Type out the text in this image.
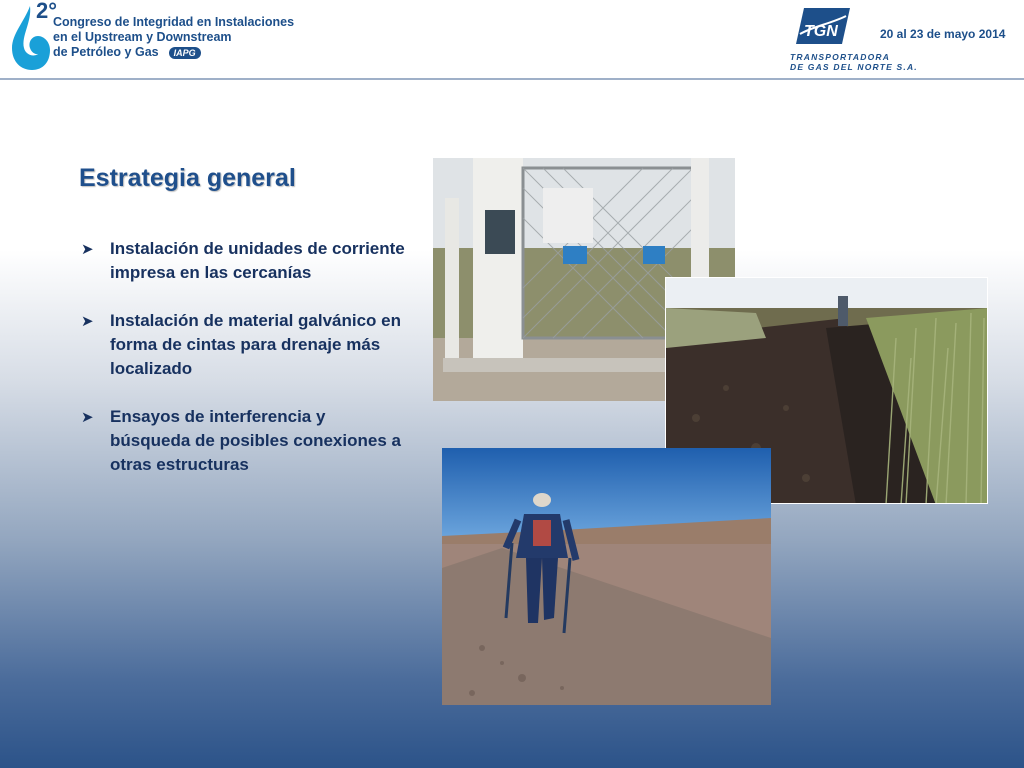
2°
Congreso de Integridad en Instalaciones
en el Upstream y Downstream
de Petróleo y Gas IAPG
TGN
TRANSPORTADORA
DE GAS DEL NORTE S.A.
20 al 23 de mayo 2014
Estrategia general
➤ Instalación de unidades de corriente impresa en las cercanías
➤ Instalación de material galvánico en forma de cintas para drenaje más localizado
➤ Ensayos de interferencia y búsqueda de posibles conexiones a otras estructuras
